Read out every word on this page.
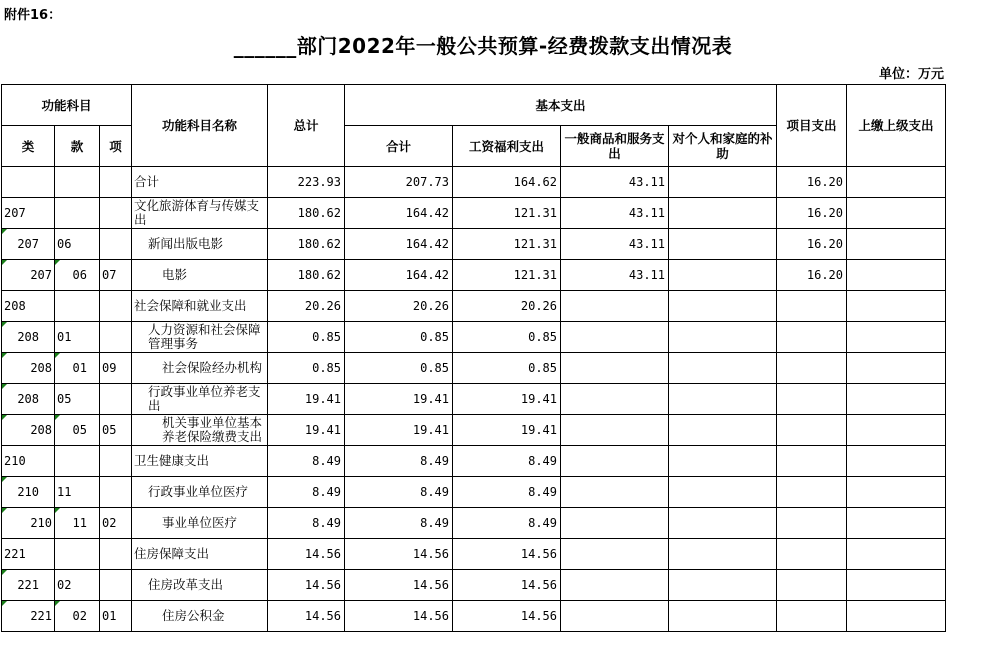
附件16：
______部门2022年一般公共预算-经费拨款支出情况表
单位：万元
功能科目			功能科目名称	总计	基本支出				项目支出	上缴上级支出
类	款	项			合计	工资福利支出	一般商品和服务支出	对个人和家庭的补助		
			合计	223.93	207.73	164.62	43.11		16.20	
207			文化旅游体育与传媒支出	180.62	164.42	121.31	43.11		16.20	
207	06		新闻出版电影	180.62	164.42	121.31	43.11		16.20	
207	06	07	电影	180.62	164.42	121.31	43.11		16.20	
208			社会保障和就业支出	20.26	20.26	20.26				
208	01		人力资源和社会保障管理事务	0.85	0.85	0.85				
208	01	09	社会保险经办机构	0.85	0.85	0.85				
208	05		行政事业单位养老支出	19.41	19.41	19.41				
208	05	05	机关事业单位基本养老保险缴费支出	19.41	19.41	19.41				
210			卫生健康支出	8.49	8.49	8.49				
210	11		行政事业单位医疗	8.49	8.49	8.49				
210	11	02	事业单位医疗	8.49	8.49	8.49				
221			住房保障支出	14.56	14.56	14.56				
221	02		住房改革支出	14.56	14.56	14.56				
221	02	01	住房公积金	14.56	14.56	14.56				
